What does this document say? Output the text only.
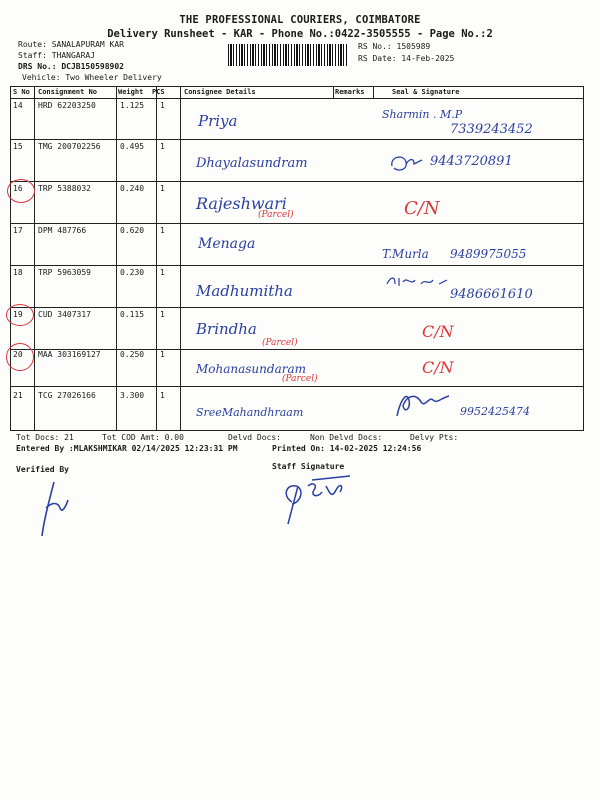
THE PROFESSIONAL COURIERS, COIMBATORE
Delivery Runsheet - KAR - Phone No.:0422-3505555 - Page No.:2
Route: SANALAPURAM KAR
Staff: THANGARAJ
DRS No.: DCJB150598902
Vehicle: Two Wheeler Delivery
RS No.: 1505989
RS Date: 14-Feb-2025
S No Consignment No	Weight PCS	Consignee Details	Remarks	Seal & Signature
14 HRD 62203250	1.125 1
Priya	Sharmin . M.P
7339243452
15 TMG 200702256 0.495 1
Dhayalasundram	9443720891
16 TRP 5388032	0.240 1
Rajeshwari
(Parcel)	C/N
17 DPM 487766	0.620 1
Menaga
T.Murla 9489975055
18 TRP 5963059	0.230 1
Madhumitha	9486661610
19 CUD 3407317	0.115 1
Brindha
(Parcel)
C/N
20 MAA 303169127 0.250 1
Mohanasundaram
(Parcel)
C/N
21 TCG 27026166	3.300 1
SreeMahandhraam	9952425474
Tot Docs: 21	Tot COD Amt: 0.00	Delvd Docs:	Non Delvd Docs:	Delvy Pts:
Entered By :MLAKSHMIKAR 02/14/2025 12:23:31 PM	Printed On: 14-02-2025 12:24:56
Verified By	Staff Signature
